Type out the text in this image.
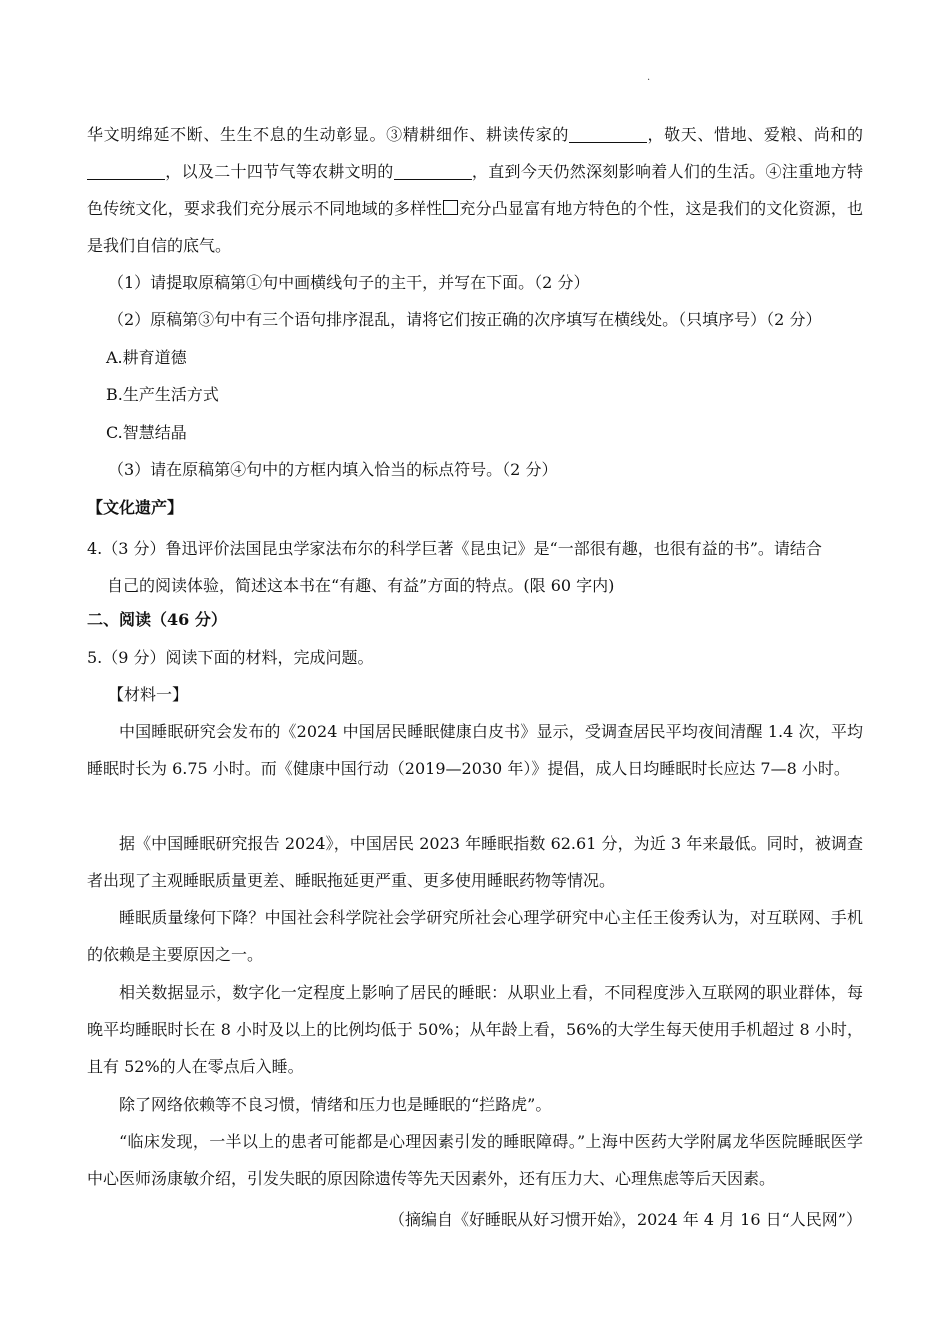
.

华文明绵延不断、生生不息的生动彰显。③精耕细作、耕读传家的	，敬天、惜地、爱粮、尚和的，以及二十四节气等农耕文明的	，直到今天仍然深刻影响着人们的生活。④注重地方特色传统文化，要求我们充分展示不同地域的多样性 充分凸显富有地方特色的个性，这是我们的文化资源，也是我们自信的底气。

（1）请提取原稿第①句中画横线句子的主干，并写在下面。（2 分）
（2）原稿第③句中有三个语句排序混乱，请将它们按正确的次序填写在横线处。（只填序号）（2 分）
A.耕育道德
B.生产生活方式
C.智慧结晶
（3）请在原稿第④句中的方框内填入恰当的标点符号。（2 分）
【文化遗产】
4.（3 分）鲁迅评价法国昆虫学家法布尔的科学巨著《昆虫记》是“一部很有趣，也很有益的书”。请结合
自己的阅读体验，简述这本书在“有趣、有益”方面的特点。(限 60 字内)
二、阅读（46 分）
5.（9 分）阅读下面的材料，完成问题。
【材料一】

中国睡眠研究会发布的《2024 中国居民睡眠健康白皮书》显示，受调查居民平均夜间清醒 1.4 次，平均睡眠时长为 6.75 小时。而《健康中国行动（2019—2030 年）》提倡，成人日均睡眠时长应达 7—8 小时。

据《中国睡眠研究报告 2024》，中国居民 2023 年睡眠指数 62.61 分，为近 3 年来最低。同时，被调查者出现了主观睡眠质量更差、睡眠拖延更严重、更多使用睡眠药物等情况。

睡眠质量缘何下降？中国社会科学院社会学研究所社会心理学研究中心主任王俊秀认为，对互联网、手机的依赖是主要原因之一。

相关数据显示，数字化一定程度上影响了居民的睡眠：从职业上看，不同程度涉入互联网的职业群体，每晚平均睡眠时长在 8 小时及以上的比例均低于 50%；从年龄上看，56%的大学生每天使用手机超过 8 小时，且有 52%的人在零点后入睡。

除了网络依赖等不良习惯，情绪和压力也是睡眠的“拦路虎”。

“临床发现，一半以上的患者可能都是心理因素引发的睡眠障碍。”上海中医药大学附属龙华医院睡眠医学中心医师汤康敏介绍，引发失眠的原因除遗传等先天因素外，还有压力大、心理焦虑等后天因素。

（摘编自《好睡眠从好习惯开始》，2024 年 4 月 16 日“人民网”）
